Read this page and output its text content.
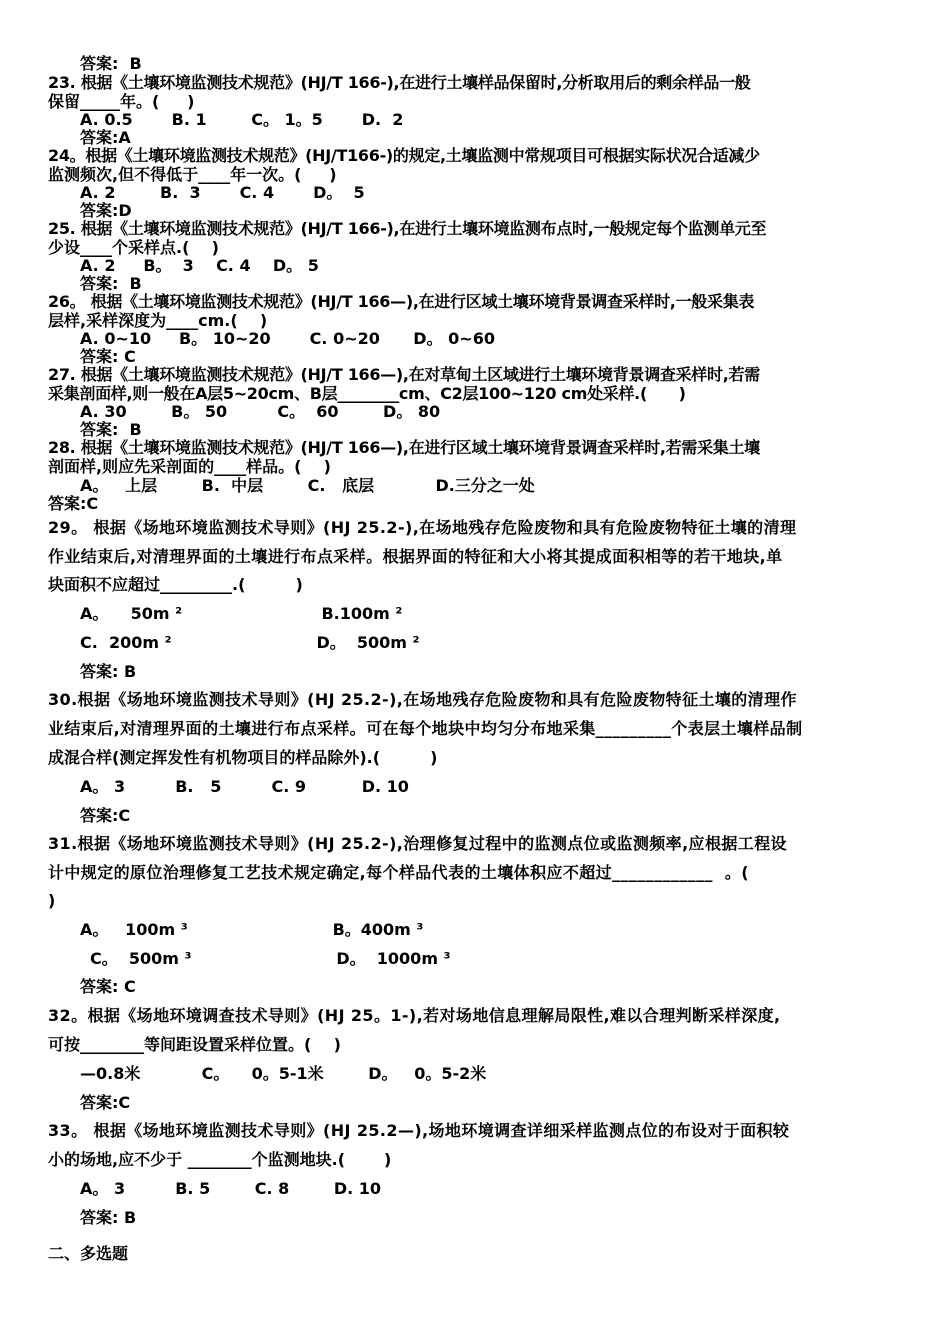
答案:  B
23. 根据《土壤环境监测技术规范》(HJ/T 166-),在进行土壤样品保留时,分析取用后的剩余样品一般
保留_____年。(     )
A. 0.5       B. 1        C。 1。5       D.  2
答案:A
24。根据《土壤环境监测技术规范》(HJ/T166-)的规定,土壤监测中常规项目可根据实际状况合适减少
监测频次,但不得低于____年一次。(     )
A. 2        B.  3       C. 4       D。  5
答案:D
25. 根据《土壤环境监测技术规范》(HJ/T 166-),在进行土壤环境监测布点时,一般规定每个监测单元至
少设____个采样点.(    )
A. 2     B。  3    C. 4    D。 5
答案:  B
26。 根据《土壤环境监测技术规范》(HJ/T 166—),在进行区域土壤环境背景调查采样时,一般采集表
层样,采样深度为____cm.(    )
A. 0~10     B。 10~20       C. 0~20      D。 0~60
答案: C
27. 根据《土壤环境监测技术规范》(HJ/T 166—),在对草甸土区域进行土壤环境背景调查采样时,若需
采集剖面样,则一般在A层5~20cm、B层________cm、C2层100~120 cm处采样.(      )
A. 30        B。 50         C。  60        D。 80
答案:  B
28. 根据《土壤环境监测技术规范》(HJ/T 166—),在进行区域土壤环境背景调查采样时,若需采集土壤
剖面样,则应先采剖面的____样品。(    )
A。   上层        B.  中层        C.   底层           D.三分之一处
答案:C
29。 根据《场地环境监测技术导则》(HJ 25.2-),在场地残存危险废物和具有危险废物特征土壤的清理
作业结束后,对清理界面的土壤进行布点采样。根据界面的特征和大小将其提成面积相等的若干地块,单
块面积不应超过_________.(         )
A。    50m ²                         B.100m ²
C.  200m ²                          D。  500m ²
答案: B
30.根据《场地环境监测技术导则》(HJ 25.2-),在场地残存危险废物和具有危险废物特征土壤的清理作
业结束后,对清理界面的土壤进行布点采样。可在每个地块中均匀分布地采集_________个表层土壤样品制
成混合样(测定挥发性有机物项目的样品除外).(         )
A。 3         B.   5         C. 9          D. 10
答案:C
31.根据《场地环境监测技术导则》(HJ 25.2-),治理修复过程中的监测点位或监测频率,应根据工程设
计中规定的原位治理修复工艺技术规定确定,每个样品代表的土壤体积应不超过____________  。(
)
A。   100m ³                          B。400m ³
C。  500m ³                          D。  1000m ³
答案: C
32。根据《场地环境调查技术导则》(HJ 25。1-),若对场地信息理解局限性,难以合理判断采样深度,
可按________等间距设置采样位置。(    )
—0.8米           C。    0。5-1米        D。   0。5-2米
答案:C
33。 根据《场地环境监测技术导则》(HJ 25.2—),场地环境调查详细采样监测点位的布设对于面积较
小的场地,应不少于 ________个监测地块.(       )
A。 3         B. 5        C. 8        D. 10
答案: B
二、多选题
